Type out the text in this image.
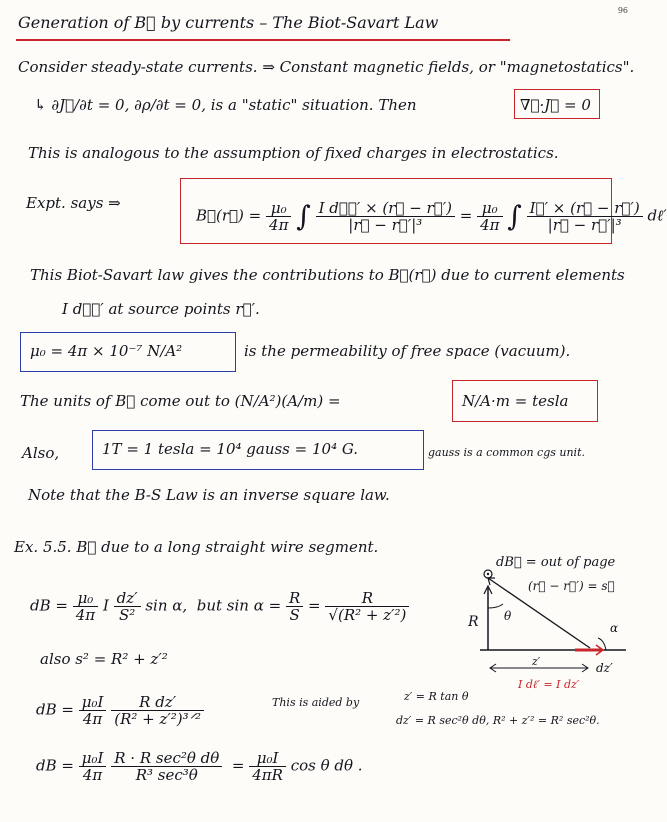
96
Generation of B⃗ by currents – The Biot-Savart Law
Consider steady-state currents. ⇒ Constant magnetic fields, or "magnetostatics".
↳ ∂J⃗/∂t = 0, ∂ρ/∂t = 0, is a "static" situation. Then	∇⃗·J⃗ = 0
This is analogous to the assumption of fixed charges in electrostatics.
Expt. says ⇒
B⃗(r⃗) = $\frac{\text{μ₀}}{4\pi}$ ∫ $\frac{\text{I dℓ⃗′ × (r⃗ − r⃗′)}}{\text{|r⃗ − r⃗′|³}} = \frac{\text{μ₀}}{4\pi}$ ∫ $\frac{I⃗' \times (r⃗ - r⃗')}{\text{|r⃗ − r⃗′|³}}$ dℓ′
This Biot-Savart law gives the contributions to B⃗(r⃗) due to current elements
I dℓ⃗′ at source points r⃗′.
μ₀ = 4π × 10⁻⁷ N/A²	is the permeability of free space (vacuum).
The units of B⃗ come out to (N/A²)(A/m) =	N/A·m = tesla
Also,	1T = 1 tesla = 10⁴ gauss = 10⁴ G.	gauss is a common cgs unit.
Note that the B-S Law is an inverse square law.
Ex. 5.5. B⃗ due to a long straight wire segment.
dB = $\frac{\text{μ₀}}{4\pi}$ I $\frac{dz'}{\text{S²}}$ sin α, but $\sin \alpha = \frac{R}{S} = \frac{R}{\text{√(R² + z′²)}}$
also s² = R² + z′²
dB = $\frac{\text{μ₀I}}{4\pi}$
$\frac{\text{R dz′}}{\text{(R² + z′²)³ᐟ²}}$	This is aided by	z′ = R tan θ
dz′ = R sec²θ dθ, R² + z′² = R² sec²θ.
dB = $\frac{\text{μ₀I}}{4\pi}$
$\frac{\text{R · R sec²θ dθ}}{\text{R³ sec³θ}} = \frac{\text{μ₀I}}{4\pi R}$ cos θ dθ .
dB⃗ = out of page
(r⃗ − r⃗′) = s⃗
R θ
α
z′	dz′
I dℓ′ = I dz′
